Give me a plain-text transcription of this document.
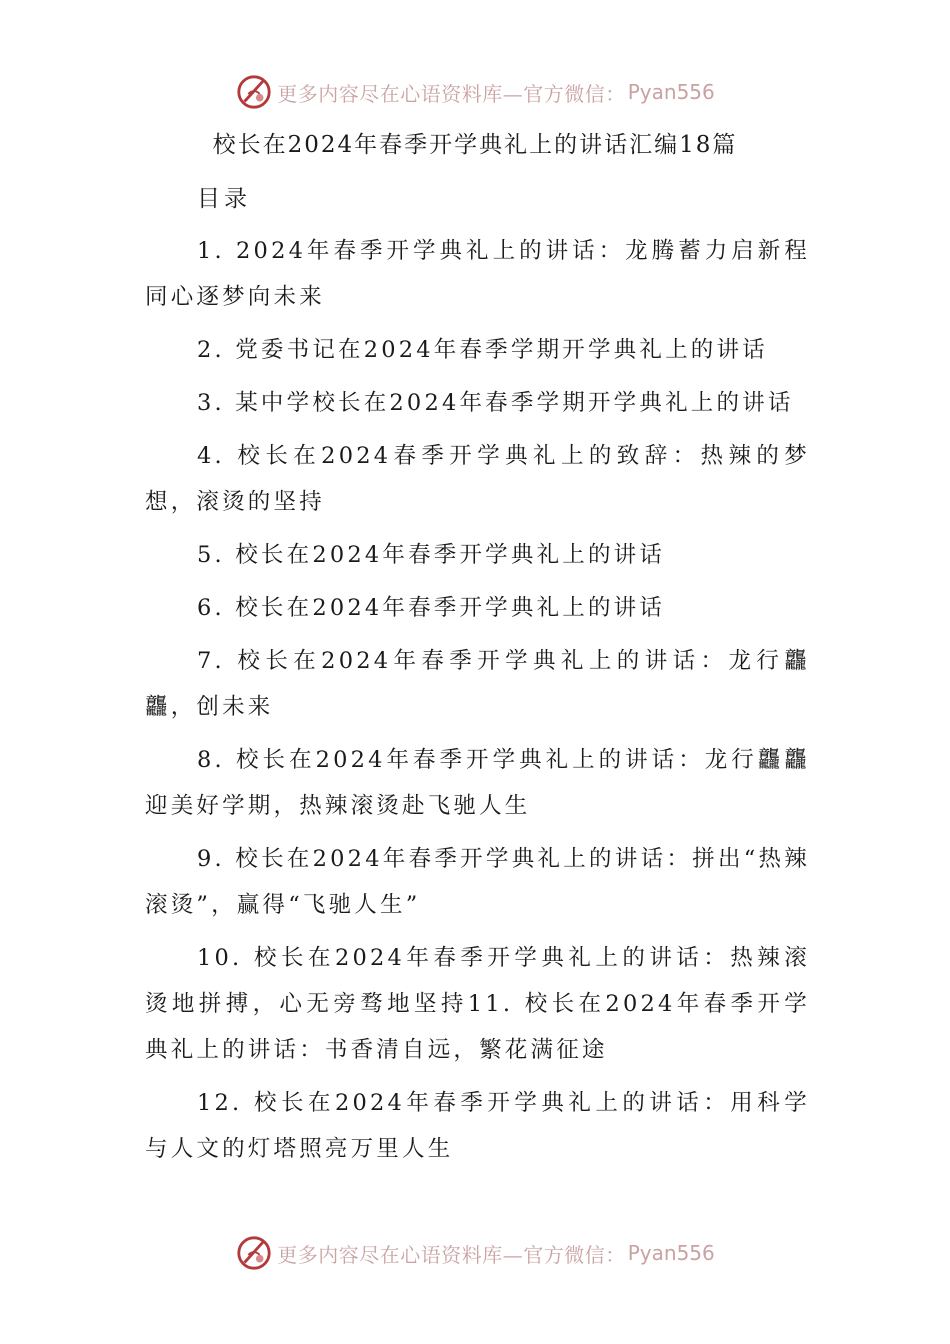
更多内容尽在心语资料库—官方微信： Pyan556
校长在2024年春季开学典礼上的讲话汇编18篇
目录
1. 2024年春季开学典礼上的讲话：龙腾蓄力启新程同心逐梦向未来
2. 党委书记在2024年春季学期开学典礼上的讲话
3. 某中学校长在2024年春季学期开学典礼上的讲话
4. 校长在2024春季开学典礼上的致辞：热辣的梦想，滚烫的坚持
5. 校长在2024年春季开学典礼上的讲话
6. 校长在2024年春季开学典礼上的讲话
7. 校长在2024年春季开学典礼上的讲话：龙行龘龘，创未来
8. 校长在2024年春季开学典礼上的讲话：龙行龘龘迎美好学期，热辣滚烫赴飞驰人生
9. 校长在2024年春季开学典礼上的讲话：拼出“热辣滚烫”，赢得“飞驰人生”
10. 校长在2024年春季开学典礼上的讲话：热辣滚烫地拼搏，心无旁骛地坚持11. 校长在2024年春季开学典礼上的讲话：书香清自远，繁花满征途
12. 校长在2024年春季开学典礼上的讲话：用科学与人文的灯塔照亮万里人生
更多内容尽在心语资料库—官方微信： Pyan556
